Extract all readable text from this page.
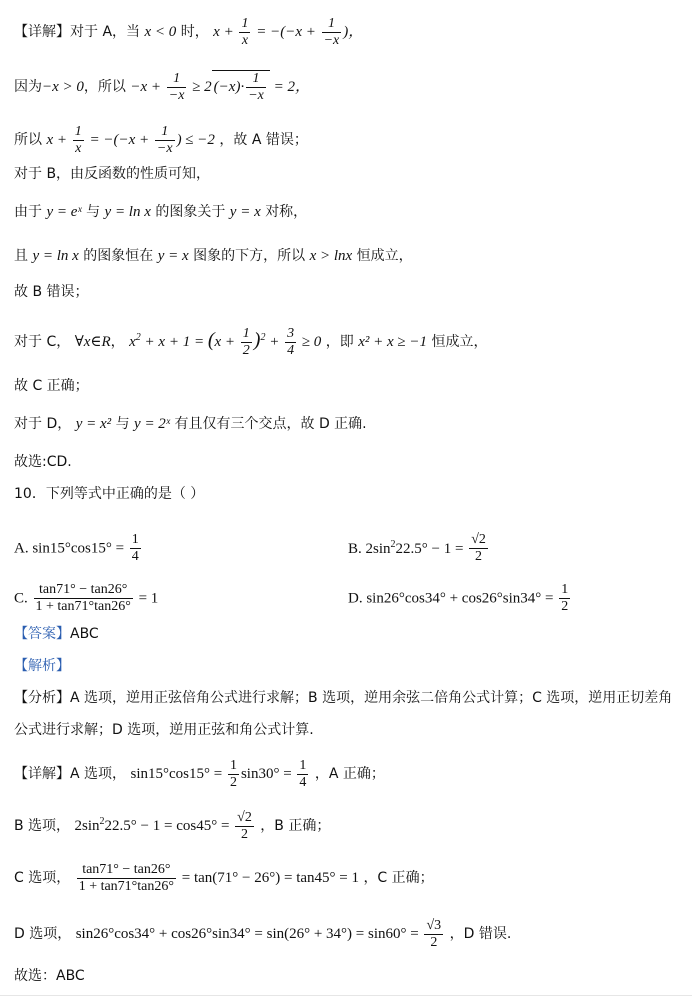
【详解】对于 A，当 x < 0 时， $x + \frac{1}{x} = -(-x + \frac{1}{-x}$ )，
因为−x > 0，所以 $-x + \frac{1}{-x} \ge 2$ $(-x)\cdot \frac{1}{-x} = 2$，
所以 $x + \frac{1}{x} = -(-x + \frac{1}{-x}$ ) ≤ −2 ，故 A 错误；
对于 B，由反函数的性质可知，
由于 y = eˣ 与 y = ln x 的图象关于 y = x 对称，
且 y = ln x 的图象恒在 y = x 图象的下方，所以 x > lnx 恒成立，
故 B 错误；
对于 C， ∀x∈R， $x^2 + x + 1 = (x + \frac{1}{2} )^2 + \frac{3}{4} \ge 0$ ，即 x² + x ≥ −1 恒成立，
故 C 正确；
对于 D， y = x² 与 y = 2ˣ 有且仅有三个交点，故 D 正确.
故选:CD.
10．下列等式中正确的是（ ）
A. $\sin 15^\circ\cos 15^\circ = \frac{1}{4}$	B. $2\sin^222.5^\circ - 1 = \frac{√2}{2}$
C. $\frac{\tan 71^\circ - \tan 26^\circ}{1 + \tan 71^\circ\tan 26^\circ} = 1$	D. $\sin 26^\circ\cos 34^\circ + \cos 26^\circ\sin 34^\circ = \frac{1}{2}$
【答案】ABC
【解析】
【分析】A 选项，逆用正弦倍角公式进行求解；B 选项，逆用余弦二倍角公式计算；C 选项，逆用正切差角
公式进行求解；D 选项，逆用正弦和角公式计算.
【详解】A 选项， $\sin 15^\circ\cos 15^\circ = \frac{1}{2} \sin 30^\circ = \frac{1}{4}$ ，A 正确；
B 选项， $2\sin^222.5^\circ - 1 = \cos 45^\circ = \frac{√2}{2}$ ，B 正确；
C 选项， $\frac{\tan 71^\circ - \tan 26^\circ}{1 + \tan 71^\circ\tan 26^\circ} = \tan(71^\circ - 26^\circ) = \tan 45^\circ = 1$ ，C 正确；
D 选项， $\sin 26^\circ\cos 34^\circ + \cos 26^\circ\sin 34^\circ = \sin(26^\circ + 34^\circ) = \sin 60^\circ = \frac{√3}{2}$ ，D 错误.
故选：ABC
